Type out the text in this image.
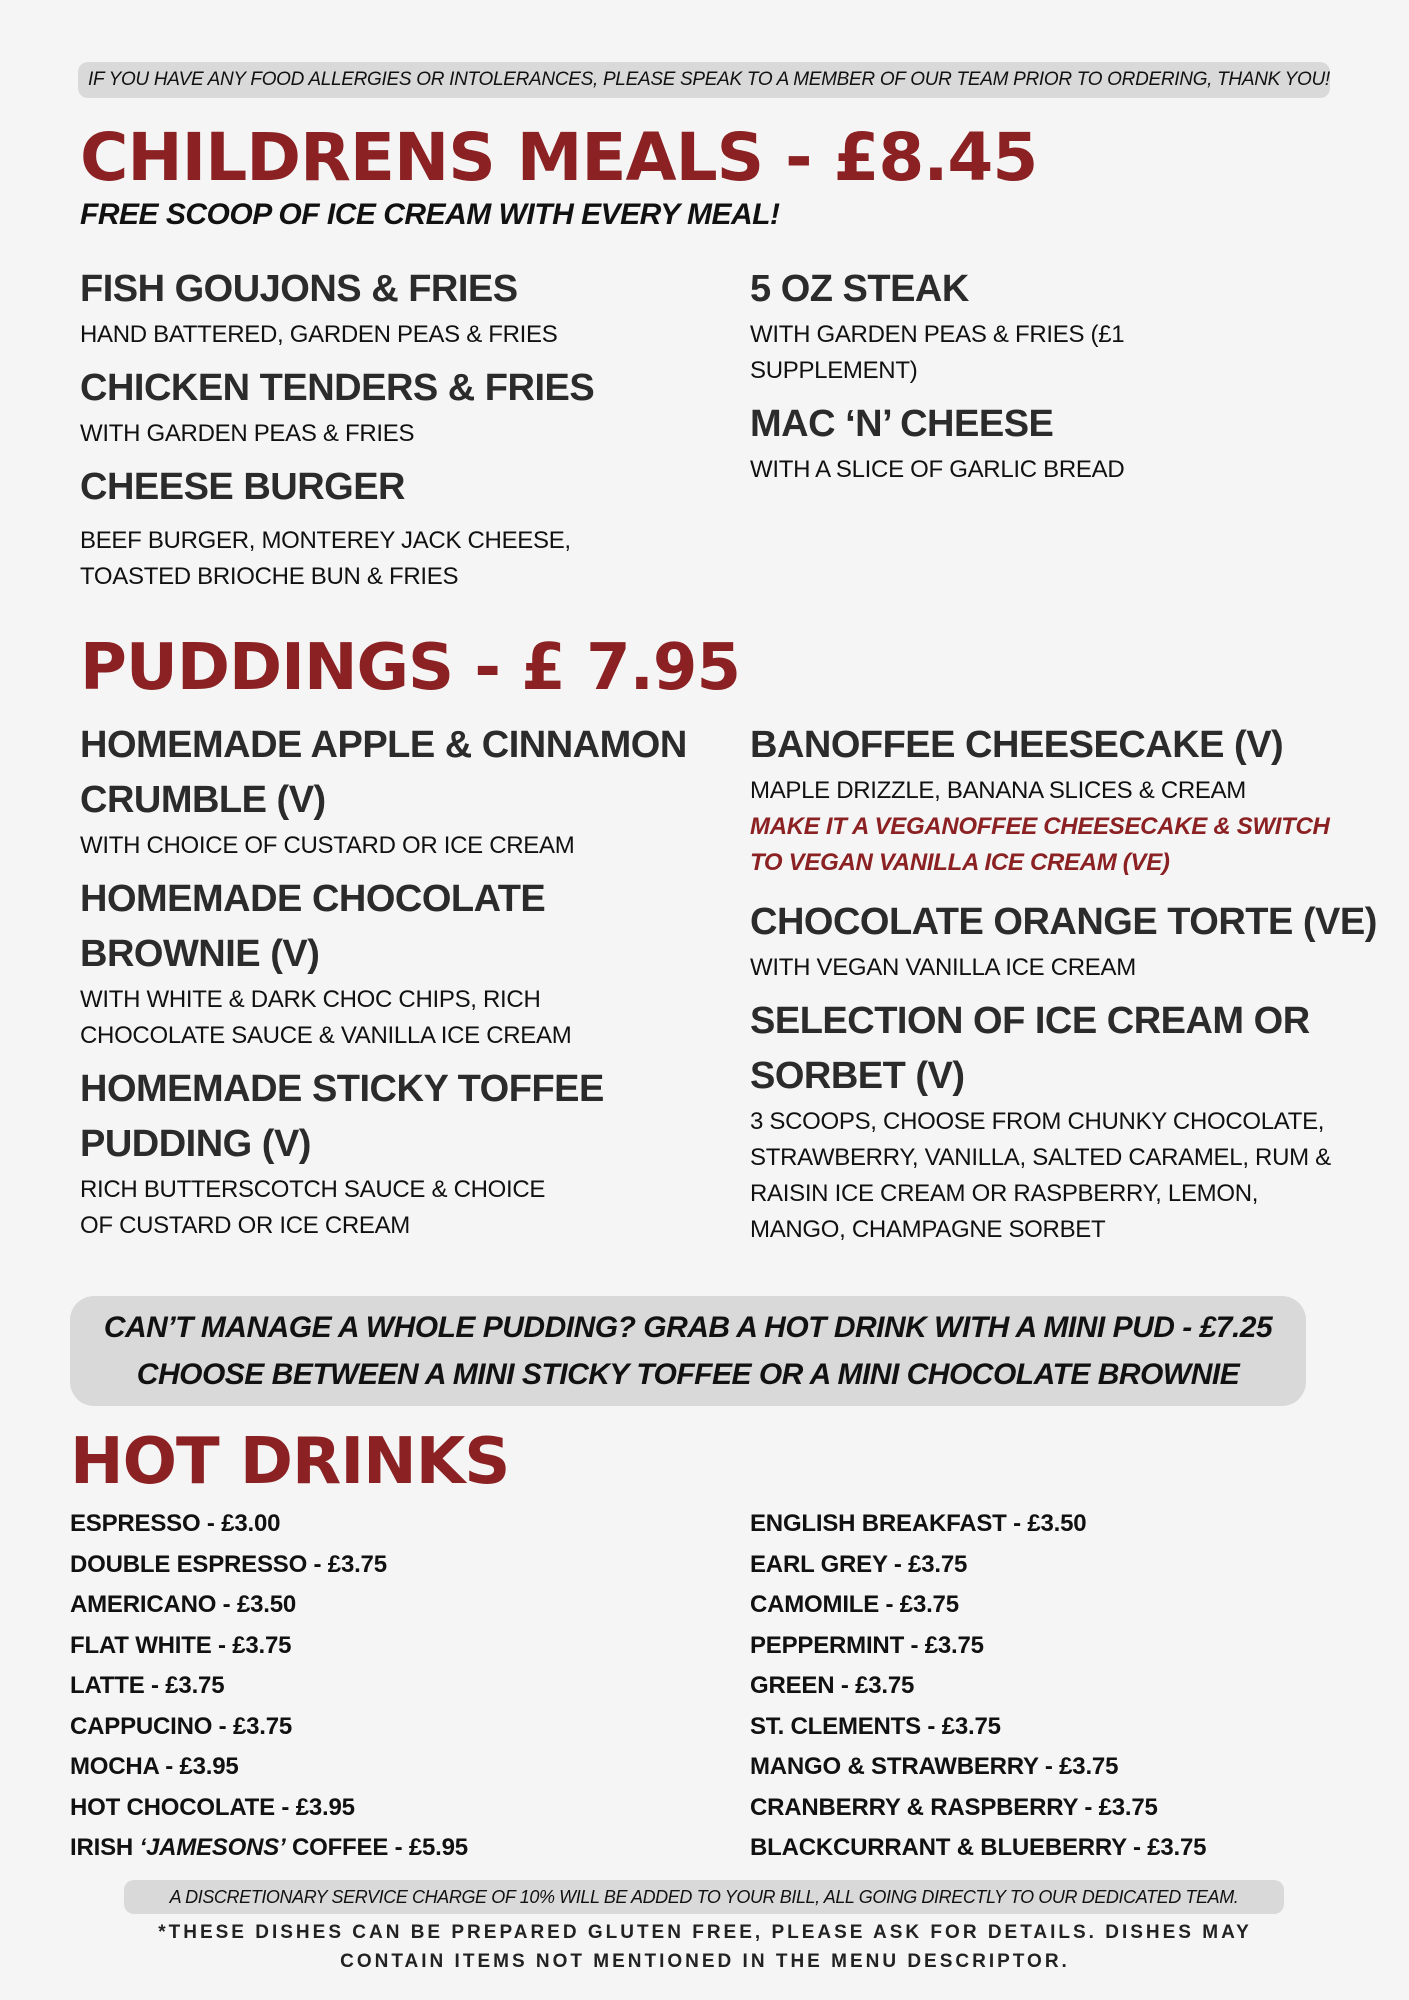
IF YOU HAVE ANY FOOD ALLERGIES OR INTOLERANCES, PLEASE SPEAK TO A MEMBER OF OUR TEAM PRIOR TO ORDERING, THANK YOU!
CHILDRENS MEALS - £8.45
FREE SCOOP OF ICE CREAM WITH EVERY MEAL!

FISH GOUJONS & FRIES

HAND BATTERED, GARDEN PEAS & FRIES

CHICKEN TENDERS & FRIES

WITH GARDEN PEAS & FRIES

CHEESE BURGER

BEEF BURGER, MONTEREY JACK CHEESE, TOASTED BRIOCHE BUN & FRIES

5 OZ STEAK

WITH GARDEN PEAS & FRIES (£1 SUPPLEMENT)

MAC ‘N’ CHEESE

WITH A SLICE OF GARLIC BREAD

PUDDINGS - £ 7.95

HOMEMADE APPLE & CINNAMON CRUMBLE (V)

WITH CHOICE OF CUSTARD OR ICE CREAM

HOMEMADE CHOCOLATE BROWNIE (V)

WITH WHITE & DARK CHOC CHIPS, RICH CHOCOLATE SAUCE & VANILLA ICE CREAM

HOMEMADE STICKY TOFFEE PUDDING (V)

RICH BUTTERSCOTCH SAUCE & CHOICE OF CUSTARD OR ICE CREAM

BANOFFEE CHEESECAKE (V)

MAPLE DRIZZLE, BANANA SLICES & CREAM

MAKE IT A VEGANOFFEE CHEESECAKE & SWITCH TO VEGAN VANILLA ICE CREAM (VE)

CHOCOLATE ORANGE TORTE (VE)

WITH VEGAN VANILLA ICE CREAM

SELECTION OF ICE CREAM OR SORBET (V)

3 SCOOPS, CHOOSE FROM CHUNKY CHOCOLATE, STRAWBERRY, VANILLA, SALTED CARAMEL, RUM & RAISIN ICE CREAM OR RASPBERRY, LEMON, MANGO, CHAMPAGNE SORBET

CAN’T MANAGE A WHOLE PUDDING? GRAB A HOT DRINK WITH A MINI PUD - £7.25
CHOOSE BETWEEN A MINI STICKY TOFFEE OR A MINI CHOCOLATE BROWNIE
HOT DRINKS
ESPRESSO - £3.00
DOUBLE ESPRESSO - £3.75
AMERICANO - £3.50
FLAT WHITE - £3.75
LATTE - £3.75
CAPPUCINO - £3.75
MOCHA - £3.95
HOT CHOCOLATE - £3.95
IRISH ‘JAMESONS’ COFFEE - £5.95
ENGLISH BREAKFAST - £3.50
EARL GREY - £3.75
CAMOMILE - £3.75
PEPPERMINT - £3.75
GREEN - £3.75
ST. CLEMENTS - £3.75
MANGO & STRAWBERRY - £3.75
CRANBERRY & RASPBERRY - £3.75
BLACKCURRANT & BLUEBERRY - £3.75
A DISCRETIONARY SERVICE CHARGE OF 10% WILL BE ADDED TO YOUR BILL, ALL GOING DIRECTLY TO OUR DEDICATED TEAM.
*THESE DISHES CAN BE PREPARED GLUTEN FREE, PLEASE ASK FOR DETAILS. DISHES MAY CONTAIN ITEMS NOT MENTIONED IN THE MENU DESCRIPTOR.
